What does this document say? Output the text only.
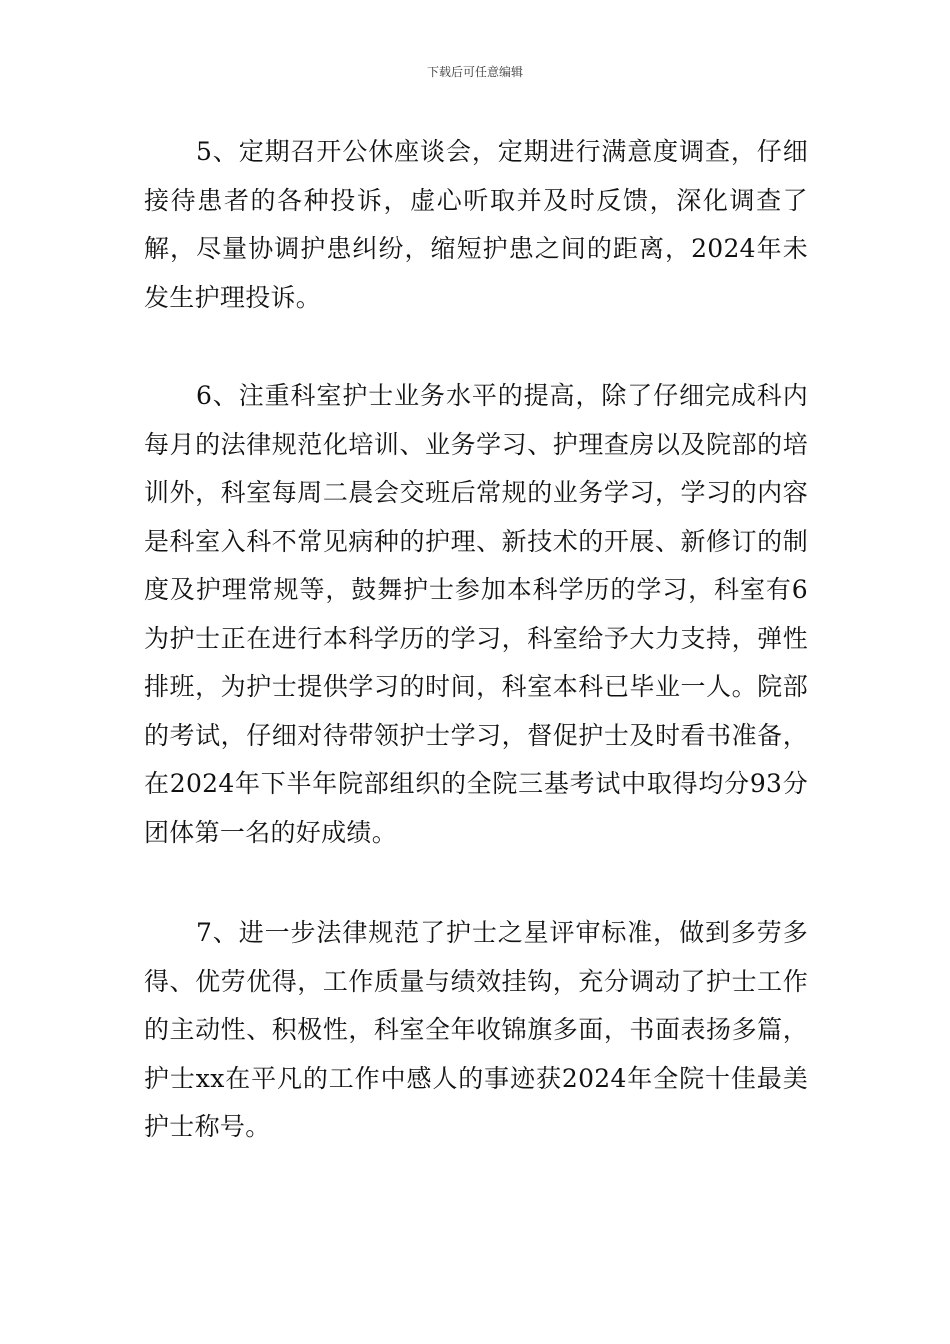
下载后可任意编辑

5、定期召开公休座谈会，定期进行满意度调查，仔细接待患者的各种投诉，虚心听取并及时反馈，深化调查了解，尽量协调护患纠纷，缩短护患之间的距离，2024年未发生护理投诉。

6、注重科室护士业务水平的提高，除了仔细完成科内每月的法律规范化培训、业务学习、护理查房以及院部的培训外，科室每周二晨会交班后常规的业务学习，学习的内容是科室入科不常见病种的护理、新技术的开展、新修订的制度及护理常规等，鼓舞护士参加本科学历的学习，科室有6为护士正在进行本科学历的学习，科室给予大力支持，弹性排班，为护士提供学习的时间，科室本科已毕业一人。院部的考试，仔细对待带领护士学习，督促护士及时看书准备，在2024年下半年院部组织的全院三基考试中取得均分93分团体第一名的好成绩。

7、进一步法律规范了护士之星评审标准，做到多劳多得、优劳优得，工作质量与绩效挂钩，充分调动了护士工作的主动性、积极性，科室全年收锦旗多面，书面表扬多篇，护士xx在平凡的工作中感人的事迹获2024年全院十佳最美护士称号。
